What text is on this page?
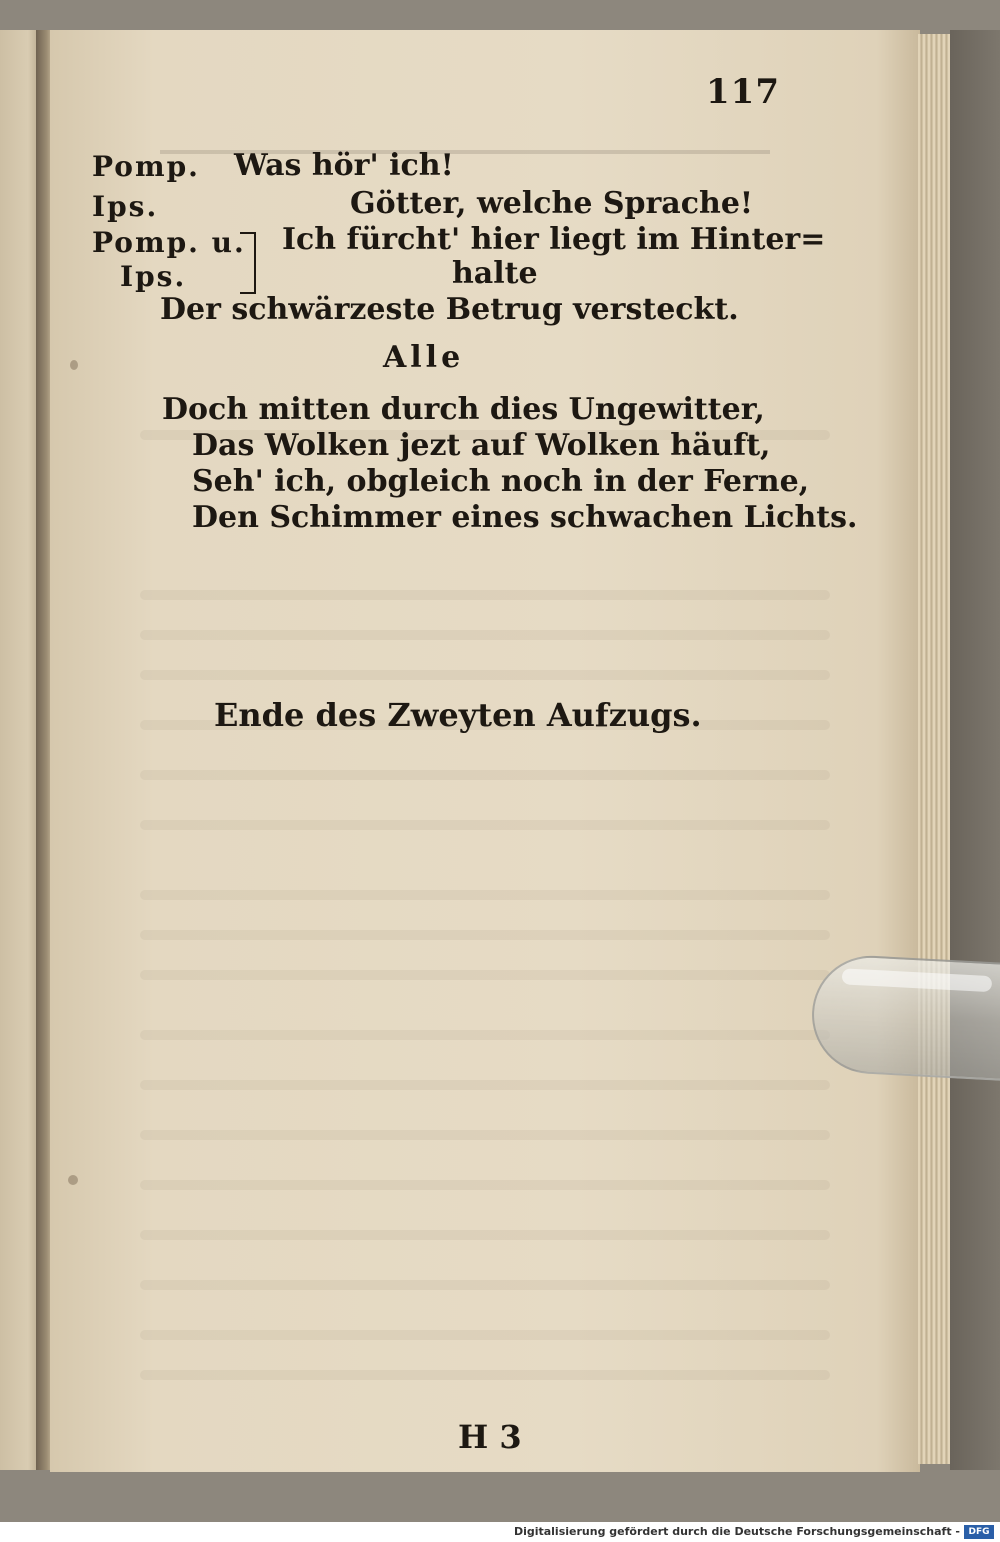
117
Pomp. Was hör' ich!
Ips.	Götter, welche Sprache!
Pomp. u. Ich fürcht' hier liegt im Hinter=
Ips.	halte
Der schwärzeste Betrug versteckt.
Alle
Doch mitten durch dies Ungewitter,
Das Wolken jezt auf Wolken häuft,
Seh' ich, obgleich noch in der Ferne,
Den Schimmer eines schwachen Lichts.
Ende des Zweyten Aufzugs.
H 3
Digitalisierung gefördert durch die Deutsche Forschungsgemeinschaft - DFG
